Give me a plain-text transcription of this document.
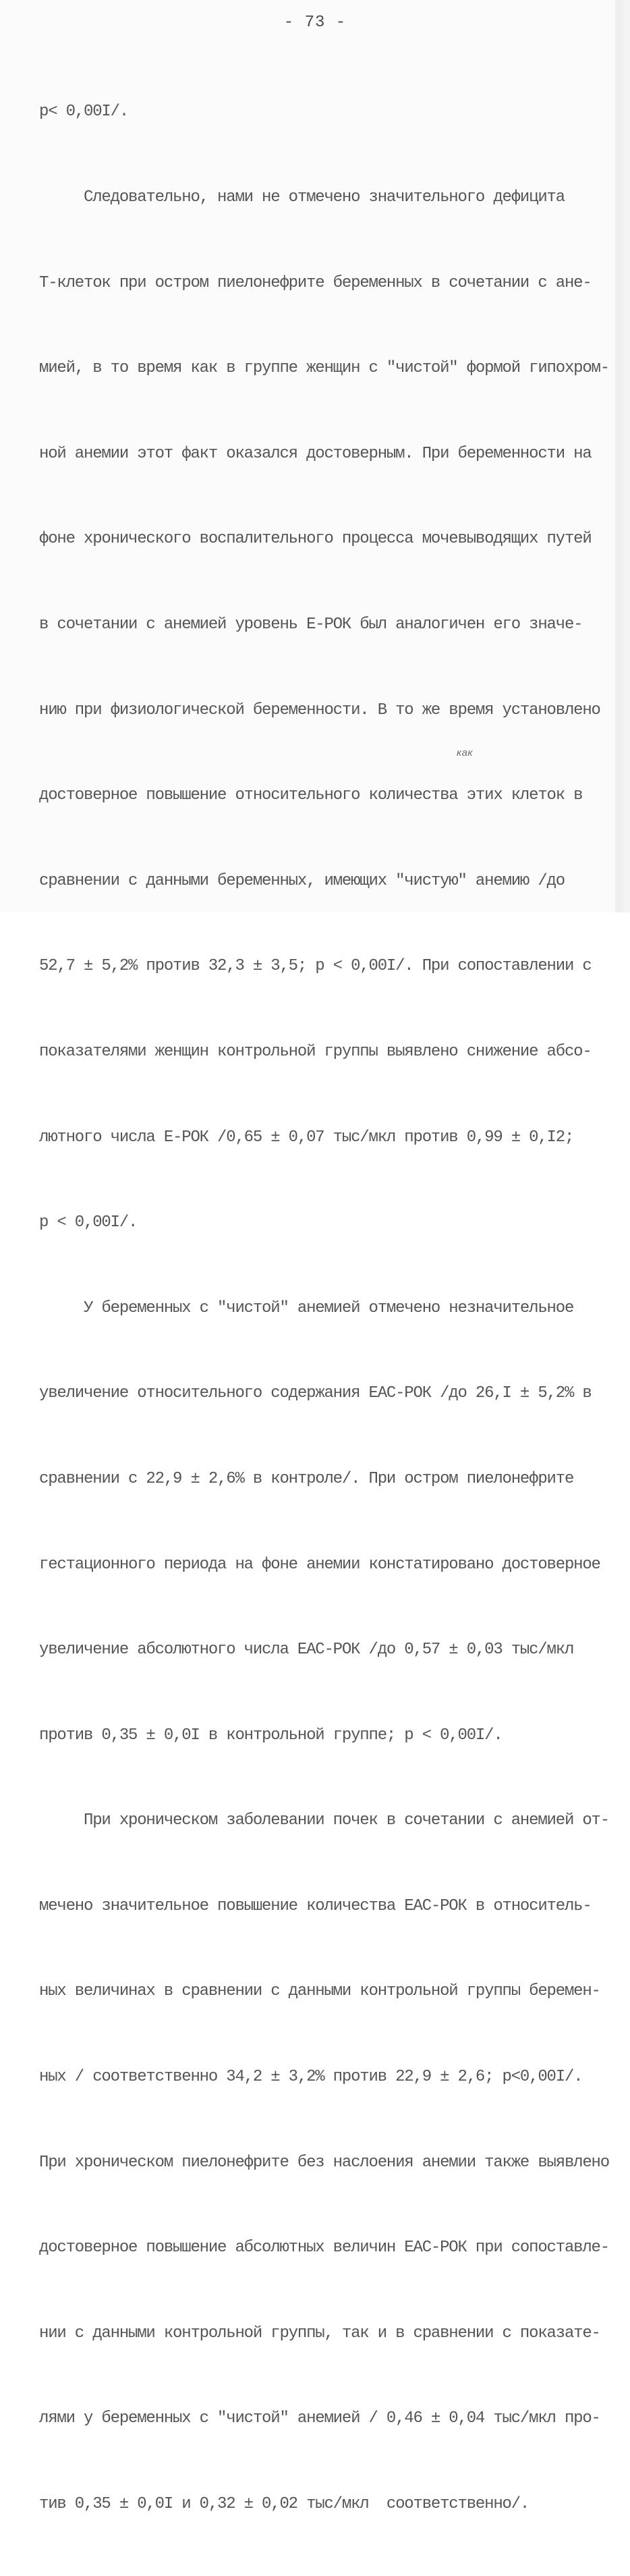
- 73 -

p< 0,00I/.

Следовательно, нами не отмечено значительного дефицита

Т-клеток при остром пиелонефрите беременных в сочетании с ане-

мией, в то время как в группе женщин с "чистой" формой гипохром-

ной анемии этот факт оказался достоверным. При беременности на

фоне хронического воспалительного процесса мочевыводящих путей

в сочетании с анемией уровень Е-РОК был аналогичен его значе-

нию при физиологической беременности. В то же время установлено

достоверное повышение относительного количества этих клеток в

сравнении с данными беременных, имеющих "чистую" анемию /до

52,7 ± 5,2% против 32,3 ± 3,5; p < 0,00I/. При сопоставлении с

показателями женщин контрольной группы выявлено снижение абсо-

лютного числа Е-РОК /0,65 ± 0,07 тыс/мкл против 0,99 ± 0,I2;

p < 0,00I/.

У беременных с "чистой" анемией отмечено незначительное

увеличение относительного содержания ЕАС-РОК /до 26,I ± 5,2% в

сравнении с 22,9 ± 2,6% в контроле/. При остром пиелонефрите

гестационного периода на фоне анемии констатировано достоверное

увеличение абсолютного числа ЕАС-РОК /до 0,57 ± 0,03 тыс/мкл

против 0,35 ± 0,0I в контрольной группе; p < 0,00I/.

При хроническом заболевании почек в сочетании с анемией от-

мечено значительное повышение количества ЕАС-РОК в относитель-

ных величинах в сравнении с данными контрольной группы беремен-

ных / соответственно 34,2 ± 3,2% против 22,9 ± 2,6; p<0,00I/.

При хроническом пиелонефрите без наслоения анемии также выявлено

достоверное повышение абсолютных величин ЕАС-РОК при сопоставле-

нии с данными контрольной группы, так и в сравнении с показате-

лями у беременных с "чистой" анемией / 0,46 ± 0,04 тыс/мкл про-

тив 0,35 ± 0,0I и 0,32 ± 0,02 тыс/мкл  соответственно/.

как
